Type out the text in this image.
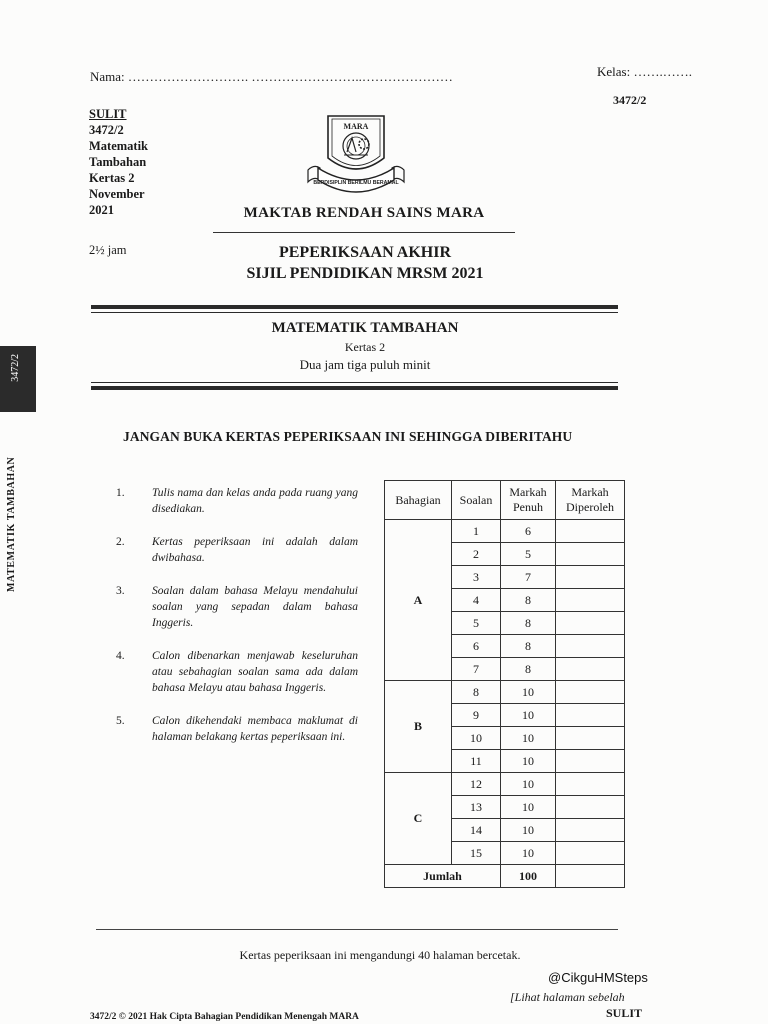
Nama: ………………………. ……………………..…………………	Kelas: …….…….
3472/2
SULIT
3472/2
Matematik
Tambahan
Kertas 2
November
2021
2½ jam
MARA
BERDISIPLIN BERILMU BERAMAL
MAKTAB RENDAH SAINS MARA
PEPERIKSAAN AKHIR
SIJIL PENDIDIKAN MRSM 2021
MATEMATIK TAMBAHAN
Kertas 2
Dua jam tiga puluh minit
JANGAN BUKA KERTAS PEPERIKSAAN INI SEHINGGA DIBERITAHU
1.	Tulis nama dan kelas anda pada ruang yang disediakan.
2.	Kertas peperiksaan ini adalah dalam dwibahasa.
3.	Soalan dalam bahasa Melayu mendahului soalan yang sepadan dalam bahasa Inggeris.
4.	Calon dibenarkan menjawab keseluruhan atau sebahagian soalan sama ada dalam bahasa Melayu atau bahasa Inggeris.
5.	Calon dikehendaki membaca maklumat di halaman belakang kertas peperiksaan ini.
Bahagian	Soalan	Markah Penuh	Markah Diperoleh
A	1	6	
	2	5	
	3	7	
	4	8	
	5	8	
	6	8	
	7	8	
B	8	10	
	9	10	
	10	10	
	11	10	
C	12	10	
	13	10	
	14	10	
	15	10	
Jumlah		100	
Kertas peperiksaan ini mengandungi 40 halaman bercetak.
@CikguHMSteps
[Lihat halaman sebelah
SULIT
3472/2 © 2021 Hak Cipta Bahagian Pendidikan Menengah MARA
3472/2
MATEMATIK TAMBAHAN
